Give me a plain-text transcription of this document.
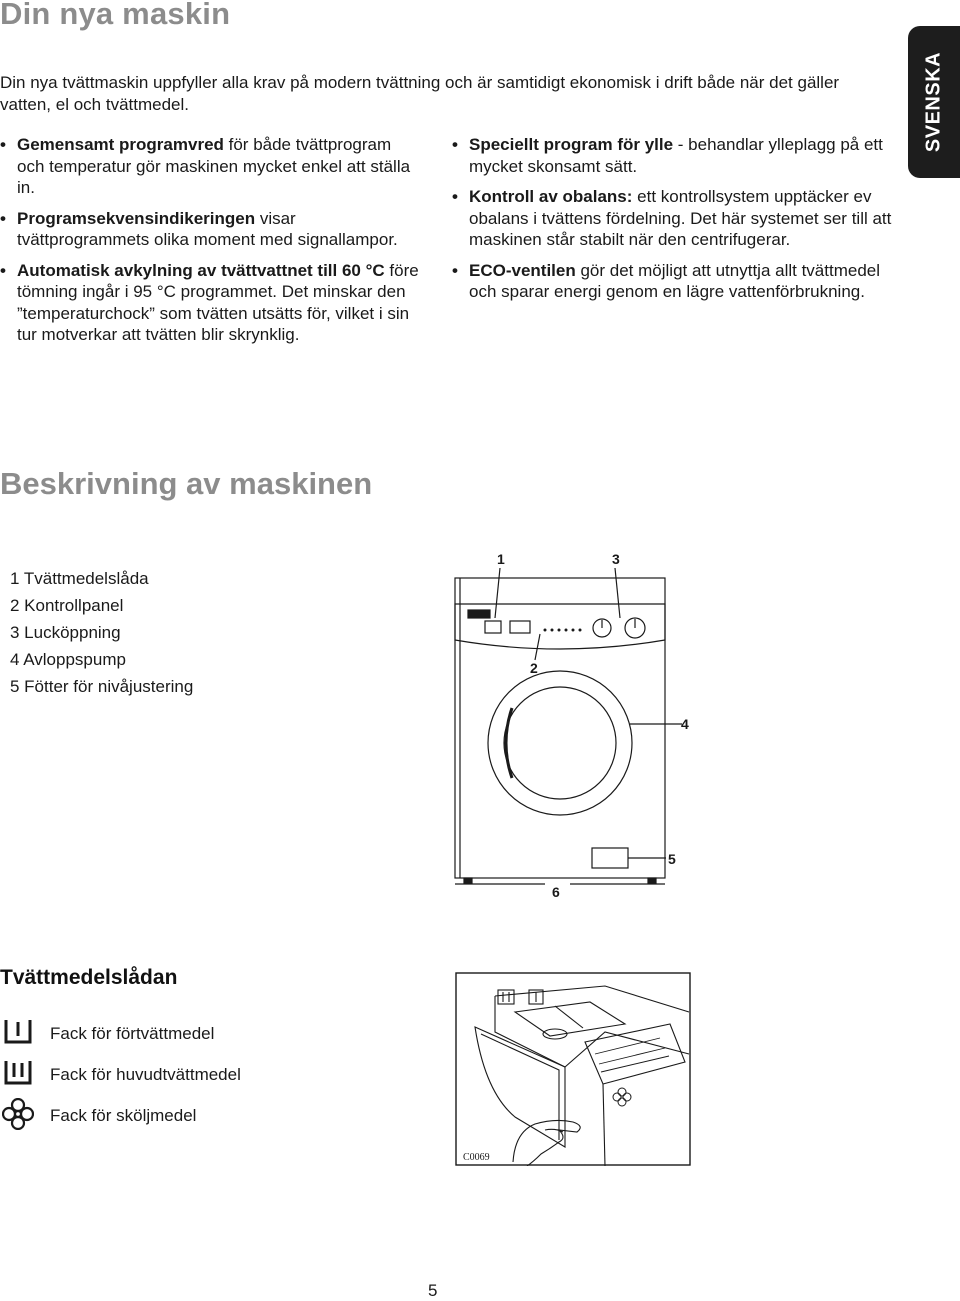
Din nya maskin

Din nya tvättmaskin uppfyller alla krav på modern tvättning och är samtidigt ekonomisk i drift både när det gäller vatten, el och tvättmedel.	SVENSKA
• Gemensamt programvred för både tvättprogram och temperatur gör maskinen mycket enkel att ställa in.
• Programsekvensindikeringen visar tvättprogrammets olika moment med signallampor.
• Automatisk avkylning av tvättvattnet till 60 °C före tömning ingår i 95 °C programmet. Det minskar den ”temperaturchock” som tvätten utsätts för, vilket i sin tur motverkar att tvätten blir skrynklig.
• Speciellt program för ylle - behandlar ylleplagg på ett mycket skonsamt sätt.
• Kontroll av obalans: ett kontrollsystem upptäcker ev obalans i tvättens fördelning. Det här systemet ser till att maskinen står stabilt när den centrifugerar.
• ECO-ventilen gör det möjligt att utnyttja allt tvättmedel och sparar energi genom en lägre vattenförbrukning.
Beskrivning av maskinen
1 Tvättmedelslåda
2 Kontrollpanel
3 Lucköppning
4 Avloppspump
5 Fötter för nivåjustering
1	3
2
4
5
6
Tvättmedelslådan
Fack för förtvättmedel
Fack för huvudtvättmedel
Fack för sköljmedel
C0069
5
